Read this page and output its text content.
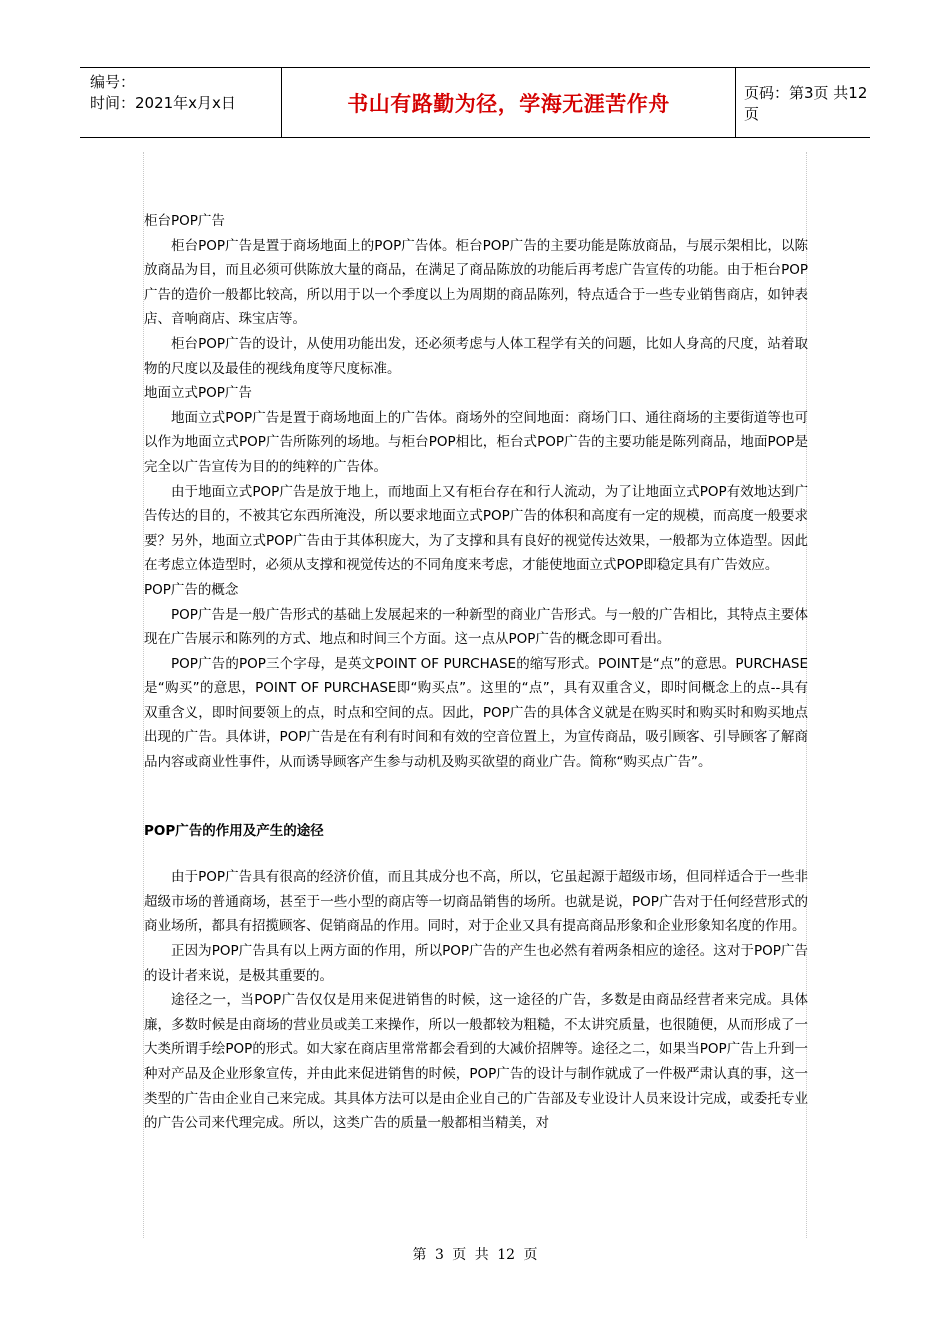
编号：
时间：2021年x月x日	书山有路勤为径，学海无涯苦作舟	页码：第3页 共12页

柜台POP广告

柜台POP广告是置于商场地面上的POP广告体。柜台POP广告的主要功能是陈放商品，与展示架相比，以陈放商品为目，而且必须可供陈放大量的商品，在满足了商品陈放的功能后再考虑广告宣传的功能。由于柜台POP广告的造价一般都比较高，所以用于以一个季度以上为周期的商品陈列，特点适合于一些专业销售商店，如钟表店、音响商店、珠宝店等。

柜台POP广告的设计，从使用功能出发，还必须考虑与人体工程学有关的问题，比如人身高的尺度，站着取物的尺度以及最佳的视线角度等尺度标准。

地面立式POP广告

地面立式POP广告是置于商场地面上的广告体。商场外的空间地面：商场门口、通往商场的主要街道等也可以作为地面立式POP广告所陈列的场地。与柜台POP相比，柜台式POP广告的主要功能是陈列商品，地面POP是完全以广告宣传为目的的纯粹的广告体。

由于地面立式POP广告是放于地上，而地面上又有柜台存在和行人流动，为了让地面立式POP有效地达到广告传达的目的，不被其它东西所淹没，所以要求地面立式POP广告的体积和高度有一定的规模，而高度一般要求要？另外，地面立式POP广告由于其体积庞大，为了支撑和具有良好的视觉传达效果，一般都为立体造型。因此在考虑立体造型时，必须从支撑和视觉传达的不同角度来考虑，才能使地面立式POP即稳定具有广告效应。

POP广告的概念

POP广告是一般广告形式的基础上发展起来的一种新型的商业广告形式。与一般的广告相比，其特点主要体现在广告展示和陈列的方式、地点和时间三个方面。这一点从POP广告的概念即可看出。

POP广告的POP三个字母，是英文POINT OF PURCHASE的缩写形式。POINT是“点”的意思。PURCHASE是“购买”的意思，POINT OF PURCHASE即“购买点”。这里的“点”，具有双重含义，即时间概念上的点--具有双重含义，即时间要领上的点，时点和空间的点。因此，POP广告的具体含义就是在购买时和购买时和购买地点出现的广告。具体讲，POP广告是在有利有时间和有效的空音位置上，为宣传商品，吸引顾客、引导顾客了解商品内容或商业性事件，从而诱导顾客产生参与动机及购买欲望的商业广告。简称“购买点广告”。

POP广告的作用及产生的途径

由于POP广告具有很高的经济价值，而且其成分也不高，所以，它虽起源于超级市场，但同样适合于一些非超级市场的普通商场，甚至于一些小型的商店等一切商品销售的场所。也就是说，POP广告对于任何经营形式的商业场所，都具有招揽顾客、促销商品的作用。同时，对于企业又具有提高商品形象和企业形象知名度的作用。

正因为POP广告具有以上两方面的作用，所以POP广告的产生也必然有着两条相应的途径。这对于POP广告的设计者来说，是极其重要的。

途径之一，当POP广告仅仅是用来促进销售的时候，这一途径的广告，多数是由商品经营者来完成。具体廉，多数时候是由商场的营业员或美工来操作，所以一般都较为粗糙，不太讲究质量，也很随便，从而形成了一大类所谓手绘POP的形式。如大家在商店里常常都会看到的大减价招牌等。途径之二，如果当POP广告上升到一种对产品及企业形象宣传，并由此来促进销售的时候，POP广告的设计与制作就成了一件极严肃认真的事，这一类型的广告由企业自己来完成。其具体方法可以是由企业自己的广告部及专业设计人员来设计完成，或委托专业的广告公司来代理完成。所以，这类广告的质量一般都相当精美，对

第 3 页 共 12 页
